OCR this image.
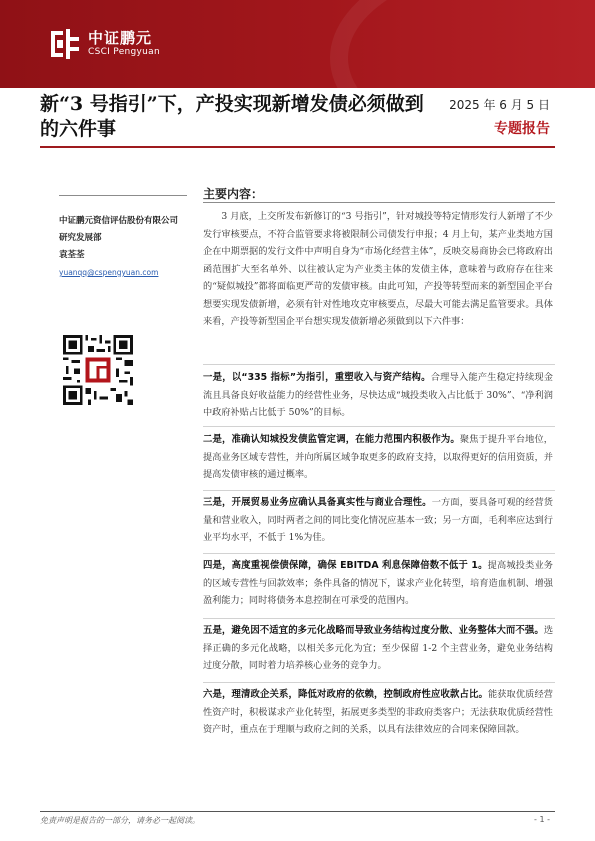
中证鹏元
CSCI Pengyuan
新“3 号指引”下，产投实现新增发债必须做到的六件事
2025 年 6 月 5 日
专题报告
中证鹏元资信评估股份有限公司
研究发展部
袁荃荃
yuanqq@cspengyuan.com
主要内容：

3 月底，上交所发布新修订的“3 号指引”，针对城投等特定情形发行人新增了不少发行审核要点，不符合监管要求将被限制公司债发行申报；4 月上旬，某产业类地方国企在中期票据的发行文件中声明自身为“市场化经营主体”，反映交易商协会已将政府出函范围扩大至名单外、以往被认定为产业类主体的发债主体，意味着与政府存在往来的“疑似城投”都将面临更严苛的发债审核。由此可知，产投等转型而来的新型国企平台想要实现发债新增，必须有针对性地攻克审核要点，尽最大可能去满足监管要求。具体来看，产投等新型国企平台想实现发债新增必须做到以下六件事：

一是，以“335 指标”为指引，重塑收入与资产结构。合理导入能产生稳定持续现金流且具备良好收益能力的经营性业务，尽快达成“城投类收入占比低于 30%”、“净利润中政府补贴占比低于 50%”的目标。

二是，准确认知城投发债监管定调，在能力范围内积极作为。聚焦于提升平台地位，提高业务区域专营性，并向所属区域争取更多的政府支持，以取得更好的信用资质，并提高发债审核的通过概率。

三是，开展贸易业务应确认具备真实性与商业合理性。一方面，要具备可观的经营货量和营业收入，同时两者之间的同比变化情况应基本一致；另一方面，毛利率应达到行业平均水平，不低于 1%为佳。

四是，高度重视偿债保障，确保 EBITDA 利息保障倍数不低于 1。提高城投类业务的区域专营性与回款效率；条件具备的情况下，谋求产业化转型，培育造血机制、增强盈利能力；同时将债务本息控制在可承受的范围内。

五是，避免因不适宜的多元化战略而导致业务结构过度分散、业务整体大而不强。选择正确的多元化战略，以相关多元化为宜；至少保留 1-2 个主营业务，避免业务结构过度分散，同时着力培养核心业务的竞争力。

六是，理清政企关系，降低对政府的依赖，控制政府性应收款占比。能获取优质经营性资产时，积极谋求产业化转型，拓展更多类型的非政府类客户；无法获取优质经营性资产时，重点在于理顺与政府之间的关系，以具有法律效应的合同来保障回款。

免责声明是报告的一部分，请务必一起阅读。	- 1 -
